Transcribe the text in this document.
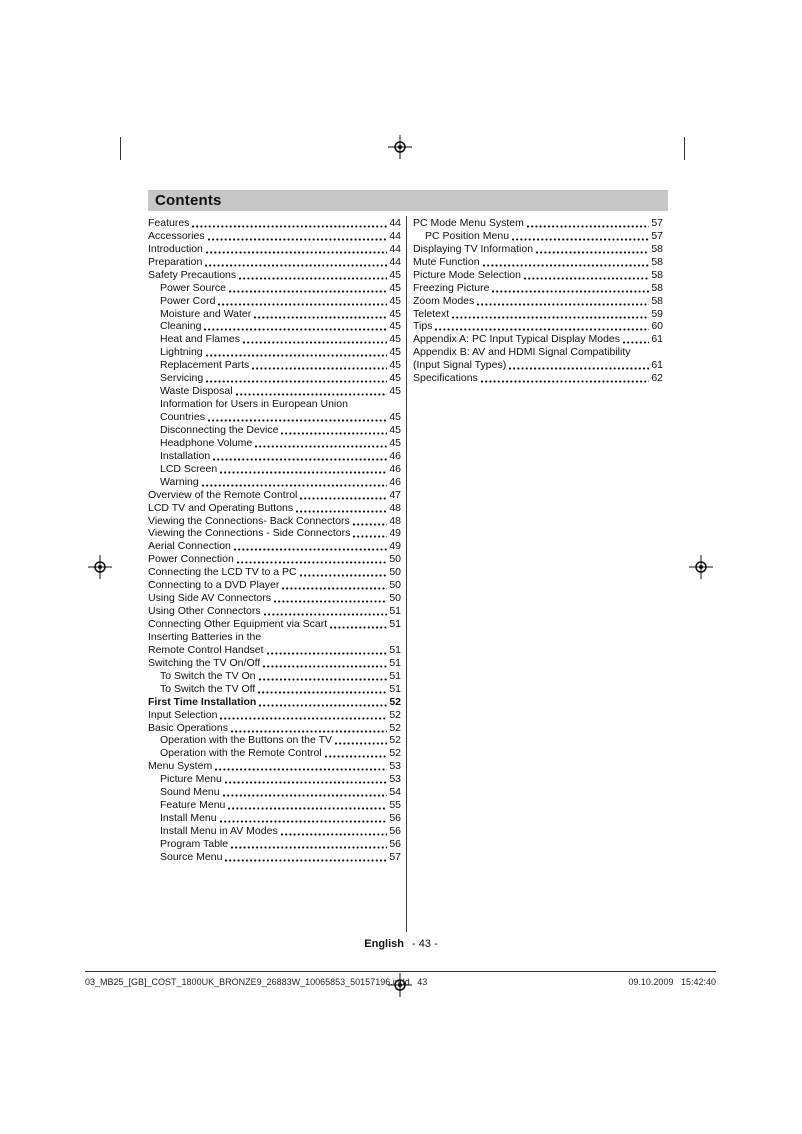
Contents
Features	44
Accessories	44
Introduction	44
Preparation	44
Safety Precautions	45
Power Source	45
Power Cord	45
Moisture and Water	45
Cleaning	45
Heat and Flames	45
Lightning	45
Replacement Parts	45
Servicing	45
Waste Disposal	45
Information for Users in European Union
Countries	45
Disconnecting the Device	45
Headphone Volume	45
Installation	46
LCD Screen	46
Warning	46
Overview of the Remote Control	47
LCD TV and Operating Buttons	48
Viewing the Connections- Back Connectors	48
Viewing the Connections - Side Connectors	49
Aerial Connection	49
Power Connection	50
Connecting the LCD TV to a PC	50
Connecting to a DVD Player	50
Using Side AV Connectors	50
Using Other Connectors	51
Connecting Other Equipment via Scart	51
Inserting Batteries in the
Remote Control Handset	51
Switching the TV On/Off	51
To Switch the TV On	51
To Switch the TV Off	51
First Time Installation	52
Input Selection	52
Basic Operations	52
Operation with the Buttons on the TV	52
Operation with the Remote Control	52
Menu System	53
Picture Menu	53
Sound Menu	54
Feature Menu	55
Install Menu	56
Install Menu in AV Modes	56
Program Table	56
Source Menu	57
PC Mode Menu System	57
PC Position Menu	57
Displaying TV Information	58
Mute Function	58
Picture Mode Selection	58
Freezing Picture	58
Zoom Modes	58
Teletext	59
Tips	60
Appendix A: PC Input Typical Display Modes	61
Appendix B: AV and HDMI Signal Compatibility
(Input Signal Types)	61
Specifications	62
English - 43 -
03_MB25_[GB]_COST_1800UK_BRONZE9_26883W_10065853_50157196.indd   43	09.10.2009   15:42:40
